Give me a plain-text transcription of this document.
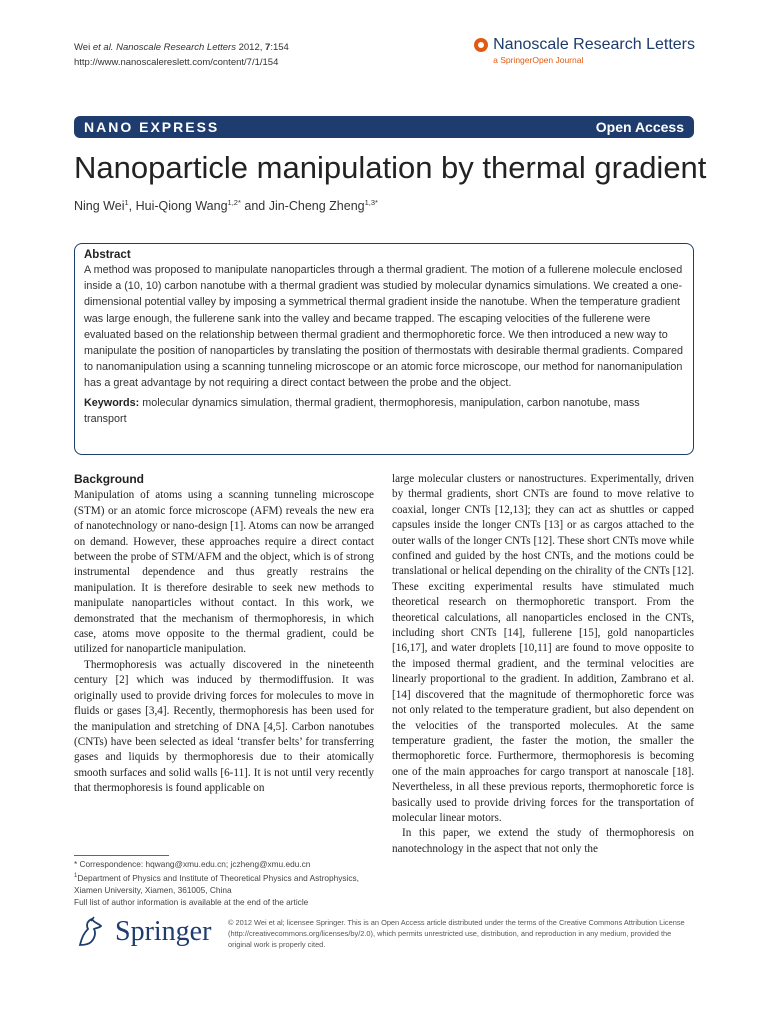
Wei et al. Nanoscale Research Letters 2012, 7:154
http://www.nanoscalereslett.com/content/7/1/154
Nanoscale Research Letters
a SpringerOpen Journal
NANO EXPRESS	Open Access
Nanoparticle manipulation by thermal gradient
Ning Wei$^1$, Hui-Qiong Wang$^{1,2*}$ and Jin-Cheng Zheng$^{1,3*}$
Abstract
A method was proposed to manipulate nanoparticles through a thermal gradient. The motion of a fullerene molecule enclosed inside a (10, 10) carbon nanotube with a thermal gradient was studied by molecular dynamics simulations. We created a one-dimensional potential valley by imposing a symmetrical thermal gradient inside the nanotube. When the temperature gradient was large enough, the fullerene sank into the valley and became trapped. The escaping velocities of the fullerene were evaluated based on the relationship between thermal gradient and thermophoretic force. We then introduced a new way to manipulate the position of nanoparticles by translating the position of thermostats with desirable thermal gradients. Compared to nanomanipulation using a scanning tunneling microscope or an atomic force microscope, our method for nanomanipulation has a great advantage by not requiring a direct contact between the probe and the object.
Keywords: molecular dynamics simulation, thermal gradient, thermophoresis, manipulation, carbon nanotube, mass transport
Background

Manipulation of atoms using a scanning tunneling microscope (STM) or an atomic force microscope (AFM) reveals the new era of nanotechnology or nano-design [1]. Atoms can now be arranged on demand. However, these approaches require a direct contact between the probe of STM/AFM and the object, which is of strong instrumental dependence and thus greatly restrains the manipulation. It is therefore desirable to seek new methods to manipulate nanoparticles without contact. In this work, we demonstrated that the mechanism of thermophoresis, in which case, atoms move opposite to the thermal gradient, could be utilized for nanoparticle manipulation.

Thermophoresis was actually discovered in the nineteenth century [2] which was induced by thermodiffusion. It was originally used to provide driving forces for molecules to move in fluids or gases [3,4]. Recently, thermophoresis has been used for the manipulation and stretching of DNA [4,5]. Carbon nanotubes (CNTs) have been selected as ideal ‘transfer belts’ for transferring gases and liquids by thermophoresis due to their atomically smooth surfaces and solid walls [6-11]. It is not until very recently that thermophoresis is found applicable on

large molecular clusters or nanostructures. Experimentally, driven by thermal gradients, short CNTs are found to move relative to coaxial, longer CNTs [12,13]; they can act as shuttles or capped capsules inside the longer CNTs [13] or as cargos attached to the outer walls of the longer CNTs [12]. These short CNTs move while confined and guided by the host CNTs, and the motions could be translational or helical depending on the chirality of the CNTs [12]. These exciting experimental results have stimulated much theoretical research on thermophoretic transport. From the theoretical calculations, all nanoparticles enclosed in the CNTs, including short CNTs [14], fullerene [15], gold nanoparticles [16,17], and water droplets [10,11] are found to move opposite to the imposed thermal gradient, and the terminal velocities are linearly proportional to the gradient. In addition, Zambrano et al. [14] discovered that the magnitude of thermophoretic force was not only related to the temperature gradient, but also dependent on the velocities of the transported molecules. At the same temperature gradient, the faster the motion, the smaller the thermophoretic force. Furthermore, thermophoresis is becoming one of the main approaches for cargo transport at nanoscale [18]. Nevertheless, in all these previous reports, thermophoretic force is basically used to provide driving forces for the transportation of molecular linear motors.

In this paper, we extend the study of thermophoresis on nanotechnology in the aspect that not only the

* Correspondence: hqwang@xmu.edu.cn; jczheng@xmu.edu.cn
$^1$Department of Physics and Institute of Theoretical Physics and Astrophysics, Xiamen University, Xiamen, 361005, China
Full list of author information is available at the end of the article
Springer © 2012 Wei et al; licensee Springer. This is an Open Access article distributed under the terms of the Creative Commons Attribution License (http://creativecommons.org/licenses/by/2.0), which permits unrestricted use, distribution, and reproduction in any medium, provided the original work is properly cited.
